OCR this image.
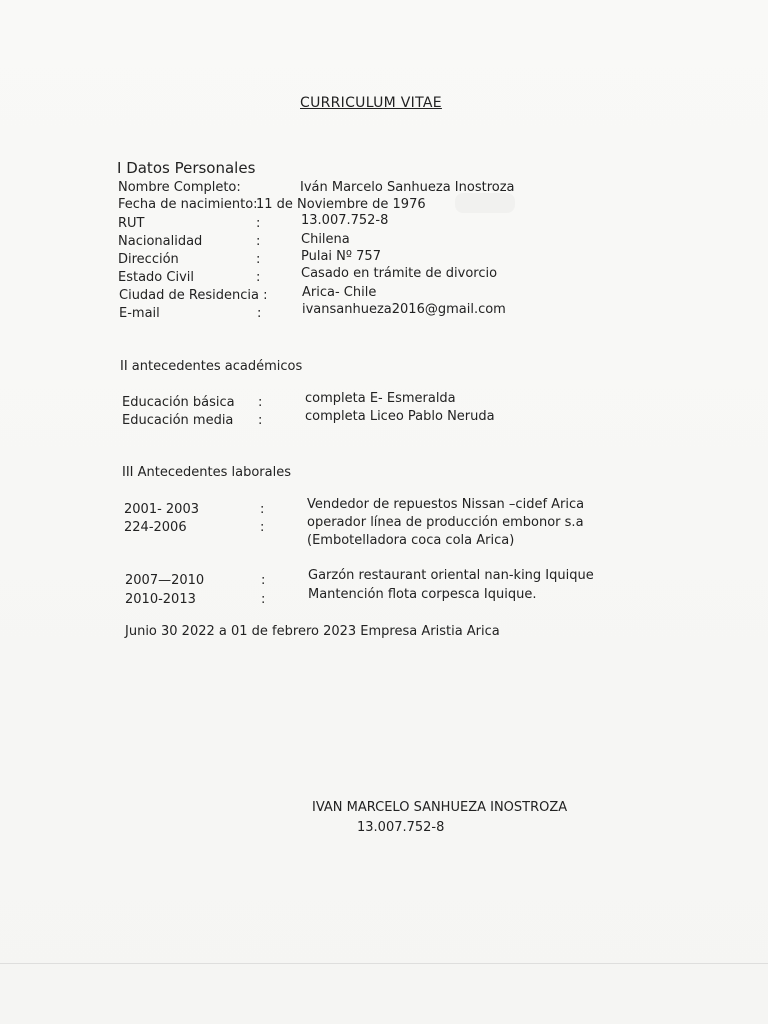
CURRICULUM VITAE
I Datos Personales
Nombre Completo:	Iván Marcelo Sanhueza Inostroza
Fecha de nacimiento:
11 de Noviembre de 1976
RUT	:	13.007.752-8
Nacionalidad	:	Chilena
Dirección	:	Pulai Nº 757
Estado Civil	:	Casado en trámite de divorcio
Ciudad de Residencia :	Arica- Chile
E-mail	:	ivansanhueza2016@gmail.com
II antecedentes académicos
Educación básica :	completa E- Esmeralda
Educación media :	completa Liceo Pablo Neruda
III Antecedentes laborales
2001- 2003	:	Vendedor de repuestos Nissan –cidef Arica
224-2006	:	operador línea de producción embonor s.a
(Embotelladora coca cola Arica)
2007—2010	:	Garzón restaurant oriental nan-king Iquique
2010-2013	:	Mantención flota corpesca Iquique.
Junio 30 2022 a 01 de febrero 2023 Empresa Aristia Arica
IVAN MARCELO SANHUEZA INOSTROZA
13.007.752-8
